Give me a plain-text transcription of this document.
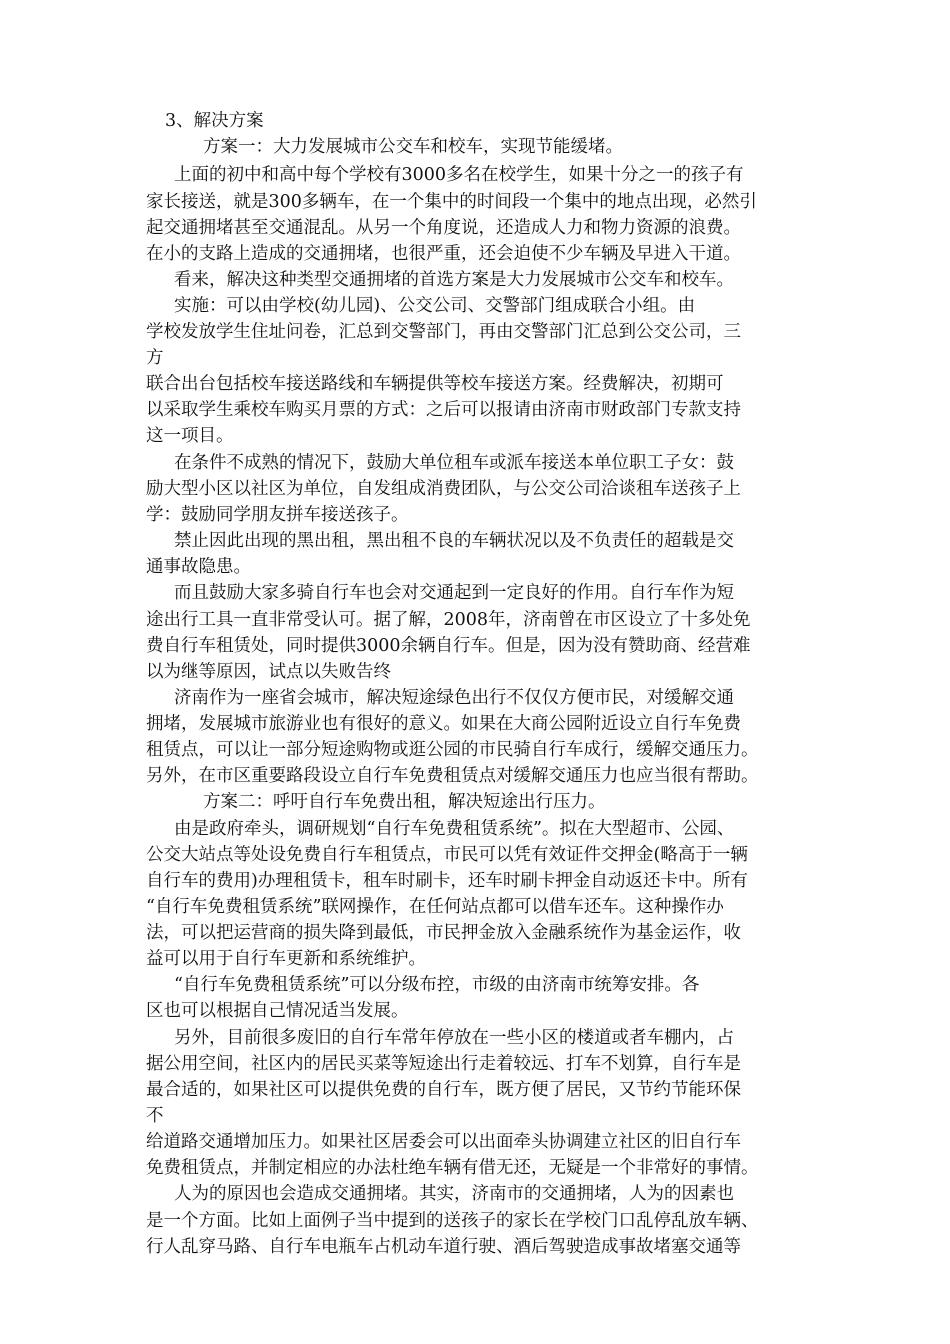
3、解决方案

方案一：大力发展城市公交车和校车，实现节能缓堵。

上面的初中和高中每个学校有3000多名在校学生，如果十分之一的孩子有

家长接送，就是300多辆车，在一个集中的时间段一个集中的地点出现，必然引

起交通拥堵甚至交通混乱。从另一个角度说，还造成人力和物力资源的浪费。

在小的支路上造成的交通拥堵，也很严重，还会迫使不少车辆及早进入干道。

看来，解决这种类型交通拥堵的首选方案是大力发展城市公交车和校车。

实施：可以由学校(幼儿园)、公交公司、交警部门组成联合小组。由

学校发放学生住址问卷，汇总到交警部门，再由交警部门汇总到公交公司，三

方

联合出台包括校车接送路线和车辆提供等校车接送方案。经费解决，初期可

以采取学生乘校车购买月票的方式：之后可以报请由济南市财政部门专款支持

这一项目。

在条件不成熟的情况下，鼓励大单位租车或派车接送本单位职工子女：鼓

励大型小区以社区为单位，自发组成消费团队，与公交公司洽谈租车送孩子上

学：鼓励同学朋友拼车接送孩子。

禁止因此出现的黑出租，黑出租不良的车辆状况以及不负责任的超载是交

通事故隐患。

而且鼓励大家多骑自行车也会对交通起到一定良好的作用。自行车作为短

途出行工具一直非常受认可。据了解，2008年，济南曾在市区设立了十多处免

费自行车租赁处，同时提供3000余辆自行车。但是，因为没有赞助商、经营难

以为继等原因，试点以失败告终

济南作为一座省会城市，解决短途绿色出行不仅仅方便市民，对缓解交通

拥堵，发展城市旅游业也有很好的意义。如果在大商公园附近设立自行车免费

租赁点，可以让一部分短途购物或逛公园的市民骑自行车成行，缓解交通压力。

另外，在市区重要路段设立自行车免费租赁点对缓解交通压力也应当很有帮助。

方案二：呼吁自行车免费出租，解决短途出行压力。

由是政府牵头，调研规划“自行车免费租赁系统”。拟在大型超市、公园、

公交大站点等处设免费自行车租赁点，市民可以凭有效证件交押金(略高于一辆

自行车的费用)办理租赁卡，租车时刷卡，还车时刷卡押金自动返还卡中。所有

“自行车免费租赁系统”联网操作，在任何站点都可以借车还车。这种操作办

法，可以把运营商的损失降到最低，市民押金放入金融系统作为基金运作，收

益可以用于自行车更新和系统维护。

“自行车免费租赁系统”可以分级布控，市级的由济南市统筹安排。各

区也可以根据自己情况适当发展。

另外，目前很多废旧的自行车常年停放在一些小区的楼道或者车棚内，占

据公用空间，社区内的居民买菜等短途出行走着较远、打车不划算，自行车是

最合适的，如果社区可以提供免费的自行车，既方便了居民，又节约节能环保

不

给道路交通增加压力。如果社区居委会可以出面牵头协调建立社区的旧自行车

免费租赁点，并制定相应的办法杜绝车辆有借无还，无疑是一个非常好的事情。

人为的原因也会造成交通拥堵。其实，济南市的交通拥堵，人为的因素也

是一个方面。比如上面例子当中提到的送孩子的家长在学校门口乱停乱放车辆、

行人乱穿马路、自行车电瓶车占机动车道行驶、酒后驾驶造成事故堵塞交通等
